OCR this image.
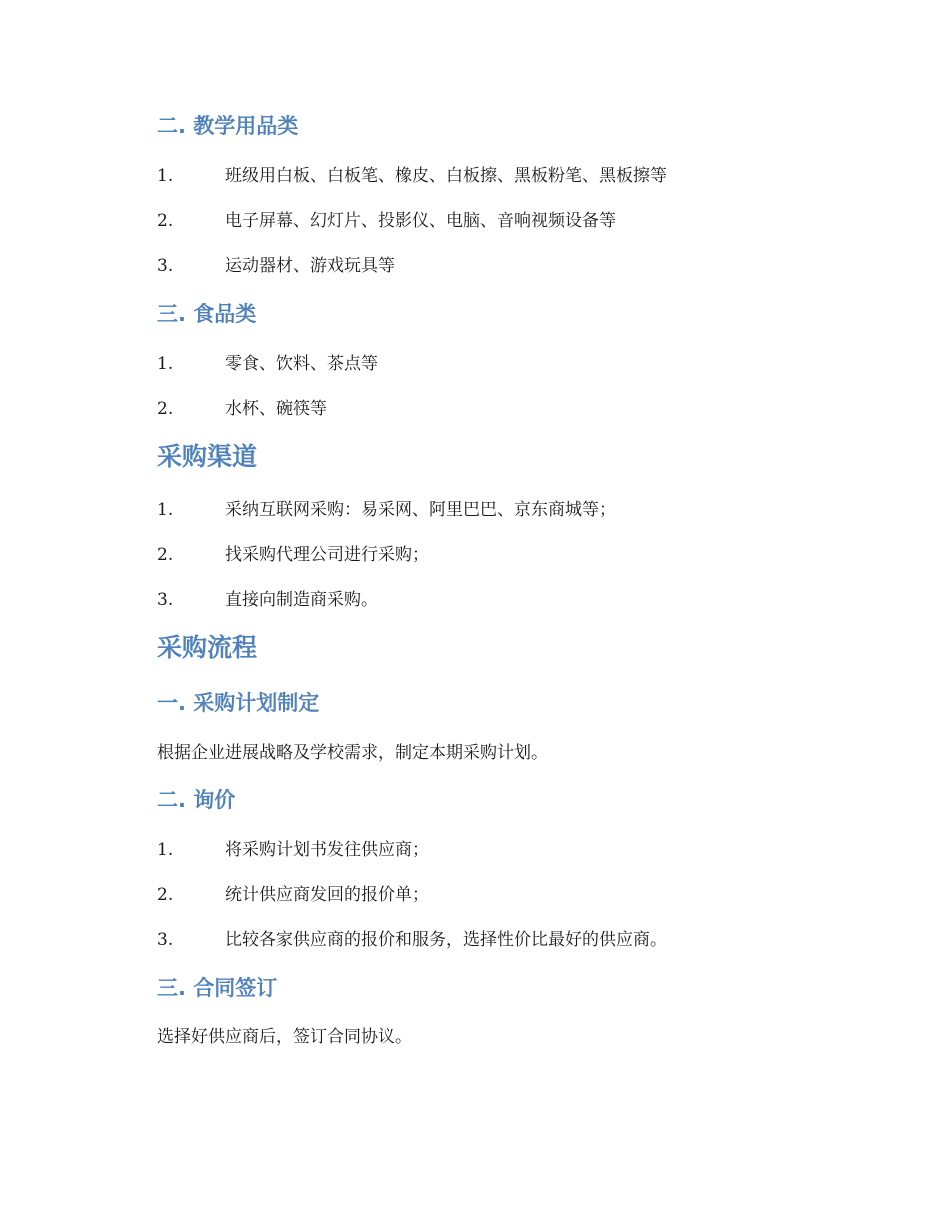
二. 教学用品类
1.	班级用白板、白板笔、橡皮、白板擦、黑板粉笔、黑板擦等
2.	电子屏幕、幻灯片、投影仪、电脑、音响视频设备等
3.	运动器材、游戏玩具等
三. 食品类
1.	零食、饮料、茶点等
2.	水杯、碗筷等
采购渠道
1.	采纳互联网采购：易采网、阿里巴巴、京东商城等；
2.	找采购代理公司进行采购；
3.	直接向制造商采购。
采购流程
一. 采购计划制定
根据企业进展战略及学校需求，制定本期采购计划。
二. 询价
1.	将采购计划书发往供应商；
2.	统计供应商发回的报价单；
3.	比较各家供应商的报价和服务，选择性价比最好的供应商。
三. 合同签订
选择好供应商后，签订合同协议。
